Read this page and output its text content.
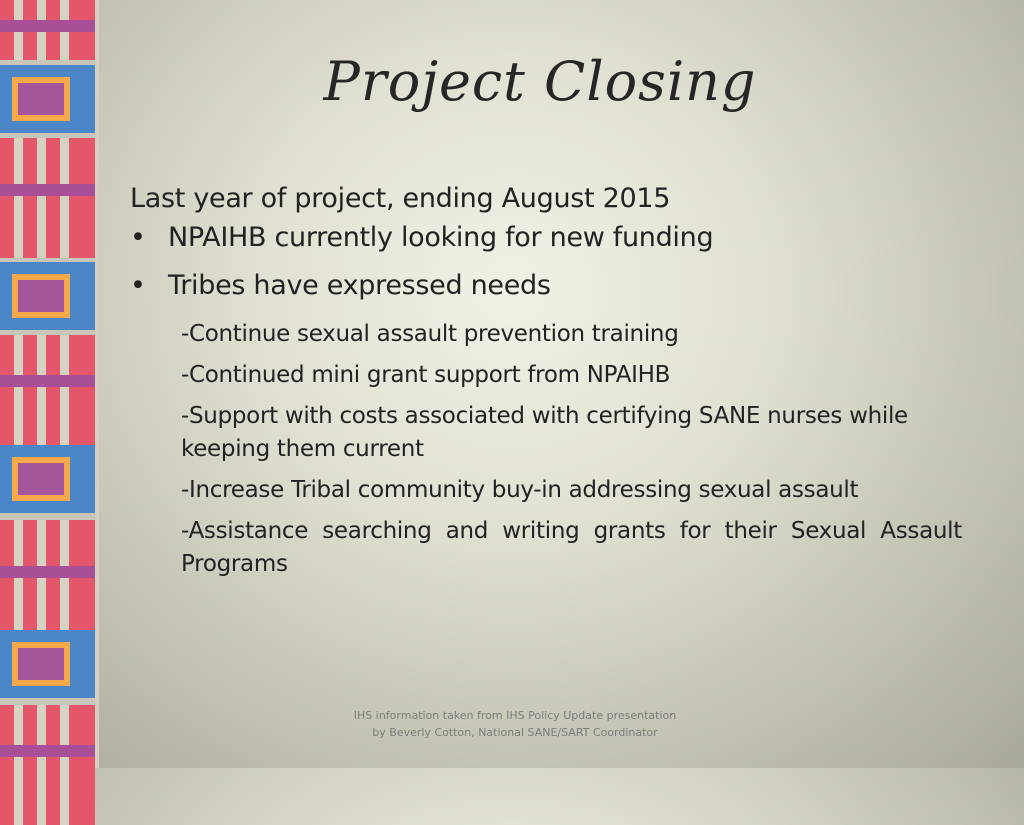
Project Closing

Last year of project, ending August 2015

• NPAIHB currently looking for new funding
• Tribes have expressed needs
-Continue sexual assault prevention training
-Continued mini grant support from NPAIHB
-Support with costs associated with certifying SANE nurses while keeping them current
-Increase Tribal community buy-in addressing sexual assault
-Assistance searching and writing grants for their Sexual Assault Programs
IHS information taken from IHS Policy Update presentation by Beverly Cotton, National SANE/SART Coordinator
